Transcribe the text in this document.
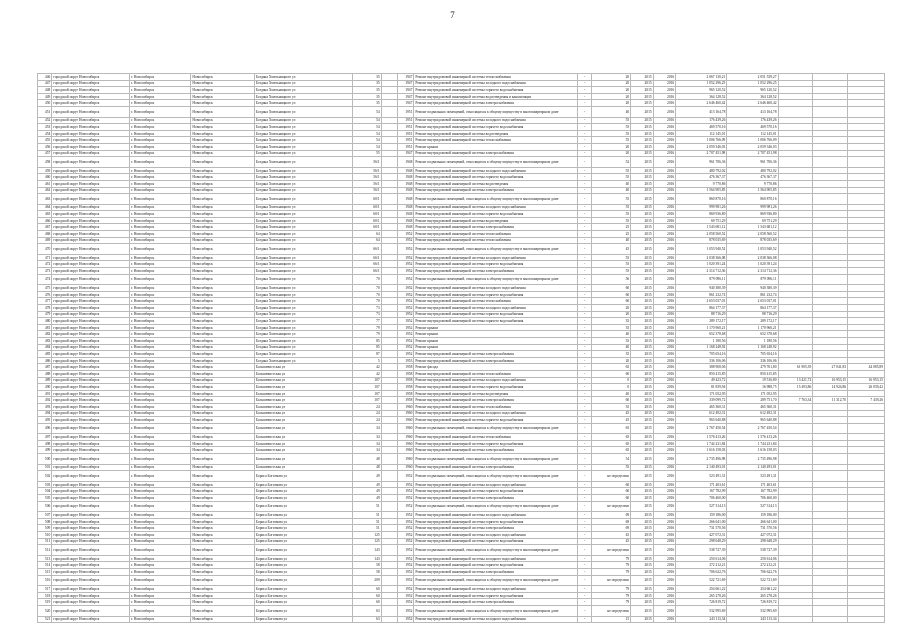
7
446	городской округ Новосибирск	г. Новосибирск	Новосибирск	Богдана Хмельницкого ул	35		1947	Ремонт внутридомовой инженерной системы теплоснабжения	-	20	2015	2016	2 067 130,21	2 051 539,27			
447	городской округ Новосибирск	г. Новосибирск	Новосибирск	Богдана Хмельницкого ул	35		1947	Ремонт внутридомовой инженерной системы холодного водоснабжения	-	20	2015	2016	1 052 296,25	1 052 296,25			
448	городской округ Новосибирск	г. Новосибирск	Новосибирск	Богдана Хмельницкого ул	35		1947	Ремонт внутридомовой инженерной системы горячего водоснабжения	-	20	2015	2016	965 120,52	965 120,52			
449	городской округ Новосибирск	г. Новосибирск	Новосибирск	Богдана Хмельницкого ул	35		1947	Ремонт внутридомовой инженерной системы водоотведения и канализации	-	20	2015	2016	364 128,52	364 128,52			
450	городской округ Новосибирск	г. Новосибирск	Новосибирск	Богдана Хмельницкого ул	35		1947	Ремонт внутридомовой инженерной системы электроснабжения	-	20	2015	2016	2 646 460,42	2 646 460,42			
451	городской округ Новосибирск	г. Новосибирск	Новосибирск	Богдана Хмельницкого ул	54		1951	Ремонт подвальных помещений, относящихся к общему имуществу в многоквартирном доме	-	40	2015	2016	413 164,78	413 164,78			
452	городской округ Новосибирск	г. Новосибирск	Новосибирск	Богдана Хмельницкого ул	54		1951	Ремонт внутридомовой инженерной системы холодного водоснабжения	-	55	2015	2016	176 439,26	176 439,26			
453	городской округ Новосибирск	г. Новосибирск	Новосибирск	Богдана Хмельницкого ул	54		1951	Ремонт внутридомовой инженерной системы горячего водоснабжения	-	55	2015	2016	469 570,16	469 570,16			
454	городской округ Новосибирск	г. Новосибирск	Новосибирск	Богдана Хмельницкого ул	54		1951	Ремонт внутридомовой инженерной системы водоотведения	-	55	2015	2016	112 145,01	112 145,01			
455	городской округ Новосибирск	г. Новосибирск	Новосибирск	Богдана Хмельницкого ул	54		1951	Ремонт внутридомовой инженерной системы теплоснабжения	-	55	2015	2016	1 006 766,09	1 006 766,09			
456	городской округ Новосибирск	г. Новосибирск	Новосибирск	Богдана Хмельницкого ул	54		1951	Ремонт крыши	-	20	2015	2016	2 059 346,03	2 059 346,03			
457	городской округ Новосибирск	г. Новосибирск	Новосибирск	Богдана Хмельницкого ул	55		1947	Ремонт внутридомовой инженерной системы электроснабжения	-	20	2015	2016	2 707 451,98	2 707 451,98			
458	городской округ Новосибирск	г. Новосибирск	Новосибирск	Богдана Хмельницкого ул	56/1		1948	Ремонт подвальных помещений, относящихся к общему имуществу в многоквартирном доме	-	52	2015	2016	961 706,36	961 706,36			
459	городской округ Новосибирск	г. Новосибирск	Новосибирск	Богдана Хмельницкого ул	56/1		1948	Ремонт внутридомовой инженерной системы холодного водоснабжения	-	55	2015	2016	480 792,02	480 792,02			
460	городской округ Новосибирск	г. Новосибирск	Новосибирск	Богдана Хмельницкого ул	56/1		1948	Ремонт внутридомовой инженерной системы горячего водоснабжения	-	55	2015	2016	476 367,37	476 367,37			
461	городской округ Новосибирск	г. Новосибирск	Новосибирск	Богдана Хмельницкого ул	56/1		1948	Ремонт внутридомовой инженерной системы водоотведения	-	40	2015	2016	9 770,86	9 770,86			
462	городской округ Новосибирск	г. Новосибирск	Новосибирск	Богдана Хмельницкого ул	56/1		1948	Ремонт внутридомовой инженерной системы электроснабжения	-	40	2015	2016	1 564 905,85	1 564 905,85			
463	городской округ Новосибирск	г. Новосибирск	Новосибирск	Богдана Хмельницкого ул	60/1		1948	Ремонт подвальных помещений, относящихся к общему имуществу в многоквартирном доме	-	55	2015	2016	860 870,16	860 870,16			
464	городской округ Новосибирск	г. Новосибирск	Новосибирск	Богдана Хмельницкого ул	60/1		1948	Ремонт внутридомовой инженерной системы холодного водоснабжения	-	55	2015	2016	999 981,26	999 981,26			
465	городской округ Новосибирск	г. Новосибирск	Новосибирск	Богдана Хмельницкого ул	60/1		1948	Ремонт внутридомовой инженерной системы горячего водоснабжения	-	55	2015	2016	869 936,80	869 936,80			
466	городской округ Новосибирск	г. Новосибирск	Новосибирск	Богдана Хмельницкого ул	60/1		1948	Ремонт внутридомовой инженерной системы водоотведения	-	55	2015	2016	69 751,29	69 751,29			
467	городской округ Новосибирск	г. Новосибирск	Новосибирск	Богдана Хмельницкого ул	60/1		1948	Ремонт внутридомовой инженерной системы электроснабжения	-	25	2015	2016	1 543 681,12	1 543 681,12			
468	городской округ Новосибирск	г. Новосибирск	Новосибирск	Богдана Хмельницкого ул	64		1952	Ремонт внутридомовой инженерной системы теплоснабжения	-	25	2015	2016	2 058 560,52	2 058 560,52			
469	городской округ Новосибирск	г. Новосибирск	Новосибирск	Богдана Хмельницкого ул	64		1952	Ремонт внутридомовой инженерной системы теплоснабжения	-	40	2015	2016	878 035,69	878 035,69			
470	городской округ Новосибирск	г. Новосибирск	Новосибирск	Богдана Хмельницкого ул	66/1		1952	Ремонт подвальных помещений, относящихся к общему имуществу в многоквартирном доме	-	45	2015	2016	1 053 940,52	1 053 940,52			
471	городской округ Новосибирск	г. Новосибирск	Новосибирск	Богдана Хмельницкого ул	66/1		1952	Ремонт внутридомовой инженерной системы холодного водоснабжения	-	55	2015	2016	2 038 366,08	2 038 366,08			
472	городской округ Новосибирск	г. Новосибирск	Новосибирск	Богдана Хмельницкого ул	66/1		1952	Ремонт внутридомовой инженерной системы горячего водоснабжения	-	55	2015	2016	1 020 391,24	1 020 391,24			
473	городской округ Новосибирск	г. Новосибирск	Новосибирск	Богдана Хмельницкого ул	66/1		1952	Ремонт внутридомовой инженерной системы электроснабжения	-	55	2015	2016	2 314 712,36	2 314 712,36			
474	городской округ Новосибирск	г. Новосибирск	Новосибирск	Богдана Хмельницкого ул	70		1952	Ремонт подвальных помещений, относящихся к общему имуществу в многоквартирном доме	-	56	2015	2016	879 096,11	879 096,11			
475	городской округ Новосибирск	г. Новосибирск	Новосибирск	Богдана Хмельницкого ул	70		1952	Ремонт внутридомовой инженерной системы холодного водоснабжения	-	60	2015	2016	940 380,39	940 380,39			
476	городской округ Новосибирск	г. Новосибирск	Новосибирск	Богдана Хмельницкого ул	70		1952	Ремонт внутридомовой инженерной системы горячего водоснабжения	-	60	2015	2016	861 232,74	861 232,74			
477	городской округ Новосибирск	г. Новосибирск	Новосибирск	Богдана Хмельницкого ул	70		1952	Ремонт внутридомовой инженерной системы теплоснабжения	-	60	2015	2016	2 653 037,01	2 653 037,01			
478	городской округ Новосибирск	г. Новосибирск	Новосибирск	Богдана Хмельницкого ул	73		1952	Ремонт внутридомовой инженерной системы холодного водоснабжения	-	20	2015	2016	864 177,37	864 177,37			
479	городской округ Новосибирск	г. Новосибирск	Новосибирск	Богдана Хмельницкого ул	73		1952	Ремонт внутридомовой инженерной системы горячего водоснабжения	-	20	2015	2016	88 716,29	88 716,29			
480	городской округ Новосибирск	г. Новосибирск	Новосибирск	Богдана Хмельницкого ул	77		1952	Ремонт внутридомовой инженерной системы горячего водоснабжения	-	35	2015	2016	289 172,17	289 172,17			
481	городской округ Новосибирск	г. Новосибирск	Новосибирск	Богдана Хмельницкого ул	79		1952	Ремонт крыши	-	35	2015	2016	1 170 960,21	1 170 960,21			
482	городской округ Новосибирск	г. Новосибирск	Новосибирск	Богдана Хмельницкого ул	79		1952	Ремонт крыши	-	40	2015	2016	652 378,68	652 378,68			
483	городской округ Новосибирск	г. Новосибирск	Новосибирск	Богдана Хмельницкого ул	85		1952	Ремонт крыши	-	35	2015	2016	1 180,56	1 180,56			
484	городской округ Новосибирск	г. Новосибирск	Новосибирск	Богдана Хмельницкого ул	85		1952	Ремонт крыши	-	40	2015	2016	1 168 248,92	1 168 248,92			
485	городской округ Новосибирск	г. Новосибирск	Новосибирск	Богдана Хмельницкого ул	87		1952	Ремонт внутридомовой инженерной системы электроснабжения	-	35	2015	2016	705 654,16	705 654,16			
486	городской округ Новосибирск	г. Новосибирск	Новосибирск	Богдана Хмельницкого ул	5		1953	Ремонт внутридомовой инженерной системы электроснабжения	-	20	2015	2016	336 106,06	336 106,06			
487	городской округ Новосибирск	г. Новосибирск	Новосибирск	Большевистская ул	42		1958	Ремонт фасада	-	65	2015	2016	388 908,06	279 761,80	61 905,39	27 041,83	44 085,89
488	городской округ Новосибирск	г. Новосибирск	Новосибирск	Большевистская ул	42		1958	Ремонт внутридомовой инженерной системы теплоснабжения	-	60	2015	2016	850 415,85	850 415,85			
489	городской округ Новосибирск	г. Новосибирск	Новосибирск	Большевистская ул	107		1958	Ремонт внутридомовой инженерной системы холодного водоснабжения	-	0	2015	2016	49 423,72	19 516,80	13 421,72	16 953,15	16 953,15
490	городской округ Новосибирск	г. Новосибирск	Новосибирск	Большевистская ул	107		1958	Ремонт внутридомовой инженерной системы горячего водоснабжения	-	0	2015	2016	81 839,94	16 988,75	15 493,86	14 924,86	26 039,42
491	городской округ Новосибирск	г. Новосибирск	Новосибирск	Большевистская ул	107		1958	Ремонт внутридомовой инженерной системы водоотведения	-	40	2015	2016	171 052,95	171 052,95			
492	городской округ Новосибирск	г. Новосибирск	Новосибирск	Большевистская ул	107		1958	Ремонт внутридомовой инженерной системы электроснабжения	-	60	2015	2016	339 099,72	289 751,70	7 763,34	11 312,70	7 439,26
493	городской округ Новосибирск	г. Новосибирск	Новосибирск	Большевистская ул	24		1960	Ремонт внутридомовой инженерной системы теплоснабжения	-	35	2015	2016	465 360,31	465 360,31			
494	городской округ Новосибирск	г. Новосибирск	Новосибирск	Большевистская ул	24		1960	Ремонт внутридомовой инженерной системы холодного водоснабжения	-	45	2015	2016	612 492,31	612 492,31			
495	городской округ Новосибирск	г. Новосибирск	Новосибирск	Большевистская ул	24		1960	Ремонт внутридомовой инженерной системы горячего водоснабжения	-	45	2015	2016	965 640,88	965 640,88			
496	городской округ Новосибирск	г. Новосибирск	Новосибирск	Большевистская ул	34		1960	Ремонт подвальных помещений, относящихся к общему имуществу в многоквартирном доме	-	65	2015	2016	2 767 450,54	2 767 450,54			
497	городской округ Новосибирск	г. Новосибирск	Новосибирск	Большевистская ул	34		1960	Ремонт внутридомовой инженерной системы теплоснабжения	-	65	2015	2016	1 576 413,26	1 576 413,26			
498	городской округ Новосибирск	г. Новосибирск	Новосибирск	Большевистская ул	34		1960	Ремонт внутридомовой инженерной системы горячего водоснабжения	-	65	2015	2016	1 744 231,84	1 744 231,84			
499	городской округ Новосибирск	г. Новосибирск	Новосибирск	Большевистская ул	34		1960	Ремонт внутридомовой инженерной системы электроснабжения	-	65	2015	2016	1 616 158,03	1 616 158,03			
500	городской округ Новосибирск	г. Новосибирск	Новосибирск	Большевистская ул	48		1960	Ремонт подвальных помещений, относящихся к общему имуществу в многоквартирном доме	-	54	2015	2016	2 735 496,98	2 735 496,98			
501	городской округ Новосибирск	г. Новосибирск	Новосибирск	Большевистская ул	48		1960	Ремонт внутридомовой инженерной системы электроснабжения	-	55	2015	2016	2 140 493,01	2 140 493,01			
502	городской округ Новосибирск	г. Новосибирск	Новосибирск	Бориса Богаткова ул	49		1952	Ремонт подвальных помещений, относящихся к общему имуществу в многоквартирном доме	-	не определено	2015	2016	523 491,31	523 491,31			
503	городской округ Новосибирск	г. Новосибирск	Новосибирск	Бориса Богаткова ул	49		1952	Ремонт внутридомовой инженерной системы холодного водоснабжения	-	60	2015	2016	171 403,61	171 403,61			
504	городской округ Новосибирск	г. Новосибирск	Новосибирск	Бориса Богаткова ул	49		1952	Ремонт внутридомовой инженерной системы горячего водоснабжения	-	60	2015	2016	167 782,99	167 782,99			
505	городской округ Новосибирск	г. Новосибирск	Новосибирск	Бориса Богаткова ул	49		1952	Ремонт внутридомовой инженерной системы электроснабжения	-	60	2015	2016	706 460,00	706 460,00			
506	городской округ Новосибирск	г. Новосибирск	Новосибирск	Бориса Богаткова ул	51		1952	Ремонт подвальных помещений, относящихся к общему имуществу в многоквартирном доме	-	не определено	2015	2016	527 314,13	527 314,13			
507	городской округ Новосибирск	г. Новосибирск	Новосибирск	Бориса Богаткова ул	51		1952	Ремонт внутридомовой инженерной системы холодного водоснабжения	-	69	2015	2016	159 186,00	159 186,00			
508	городской округ Новосибирск	г. Новосибирск	Новосибирск	Бориса Богаткова ул	51		1952	Ремонт внутридомовой инженерной системы горячего водоснабжения	-	69	2015	2016	266 641,00	266 641,00			
509	городской округ Новосибирск	г. Новосибирск	Новосибирск	Бориса Богаткова ул	51		1952	Ремонт внутридомовой инженерной системы электроснабжения	-	69	2015	2016	731 570,56	731 570,56			
510	городской округ Новосибирск	г. Новосибирск	Новосибирск	Бориса Богаткова ул	125		1952	Ремонт внутридомовой инженерной системы холодного водоснабжения	-	45	2015	2016	427 072,31	427 072,31			
511	городской округ Новосибирск	г. Новосибирск	Новосибирск	Бориса Богаткова ул	125		1952	Ремонт внутридомовой инженерной системы горячего водоснабжения	-	45	2015	2016	298 648,29	298 648,29			
512	городской округ Новосибирск	г. Новосибирск	Новосибирск	Бориса Богаткова ул	143		1952	Ремонт подвальных помещений, относящихся к общему имуществу в многоквартирном доме	-	не определено	2015	2016	538 727,39	538 727,39			
513	городской округ Новосибирск	г. Новосибирск	Новосибирск	Бориса Богаткова ул	143		1952	Ремонт внутридомовой инженерной системы холодного водоснабжения	-	79	2015	2016	250 614,06	250 614,06			
514	городской округ Новосибирск	г. Новосибирск	Новосибирск	Бориса Богаткова ул	58		1952	Ремонт внутридомовой инженерной системы горячего водоснабжения	-	79	2015	2016	272 212,21	272 212,21			
515	городской округ Новосибирск	г. Новосибирск	Новосибирск	Бориса Богаткова ул	58		1952	Ремонт внутридомовой инженерной системы электроснабжения	-	79	2015	2016	706 622,76	706 622,76			
516	городской округ Новосибирск	г. Новосибирск	Новосибирск	Бориса Богаткова ул	209		1952	Ремонт подвальных помещений, относящихся к общему имуществу в многоквартирном доме	-	не определено	2015	2016	522 721,69	522 721,69			
517	городской округ Новосибирск	г. Новосибирск	Новосибирск	Бориса Богаткова ул	60		1952	Ремонт внутридомовой инженерной системы холодного водоснабжения	-	79	2015	2016	254 661,22	254 661,22			
518	городской округ Новосибирск	г. Новосибирск	Новосибирск	Бориса Богаткова ул	60		1952	Ремонт внутридомовой инженерной системы горячего водоснабжения	-	79	2015	2016	265 278,26	265 278,26			
519	городской округ Новосибирск	г. Новосибирск	Новосибирск	Бориса Богаткова ул	60		1952	Ремонт внутридомовой инженерной системы электроснабжения	-	79	2015	2016	726 819,72	726 819,72			
520	городской округ Новосибирск	г. Новосибирск	Новосибирск	Бориса Богаткова ул	63		1952	Ремонт подвальных помещений, относящихся к общему имуществу в многоквартирном доме	-	не определено	2015	2016	532 995,69	532 995,69			
521	городской округ Новосибирск	г. Новосибирск	Новосибирск	Бориса Богаткова ул	63		1952	Ремонт внутридомовой инженерной системы холодного водоснабжения	-	15	2015	2016	243 113,34	243 113,34			
